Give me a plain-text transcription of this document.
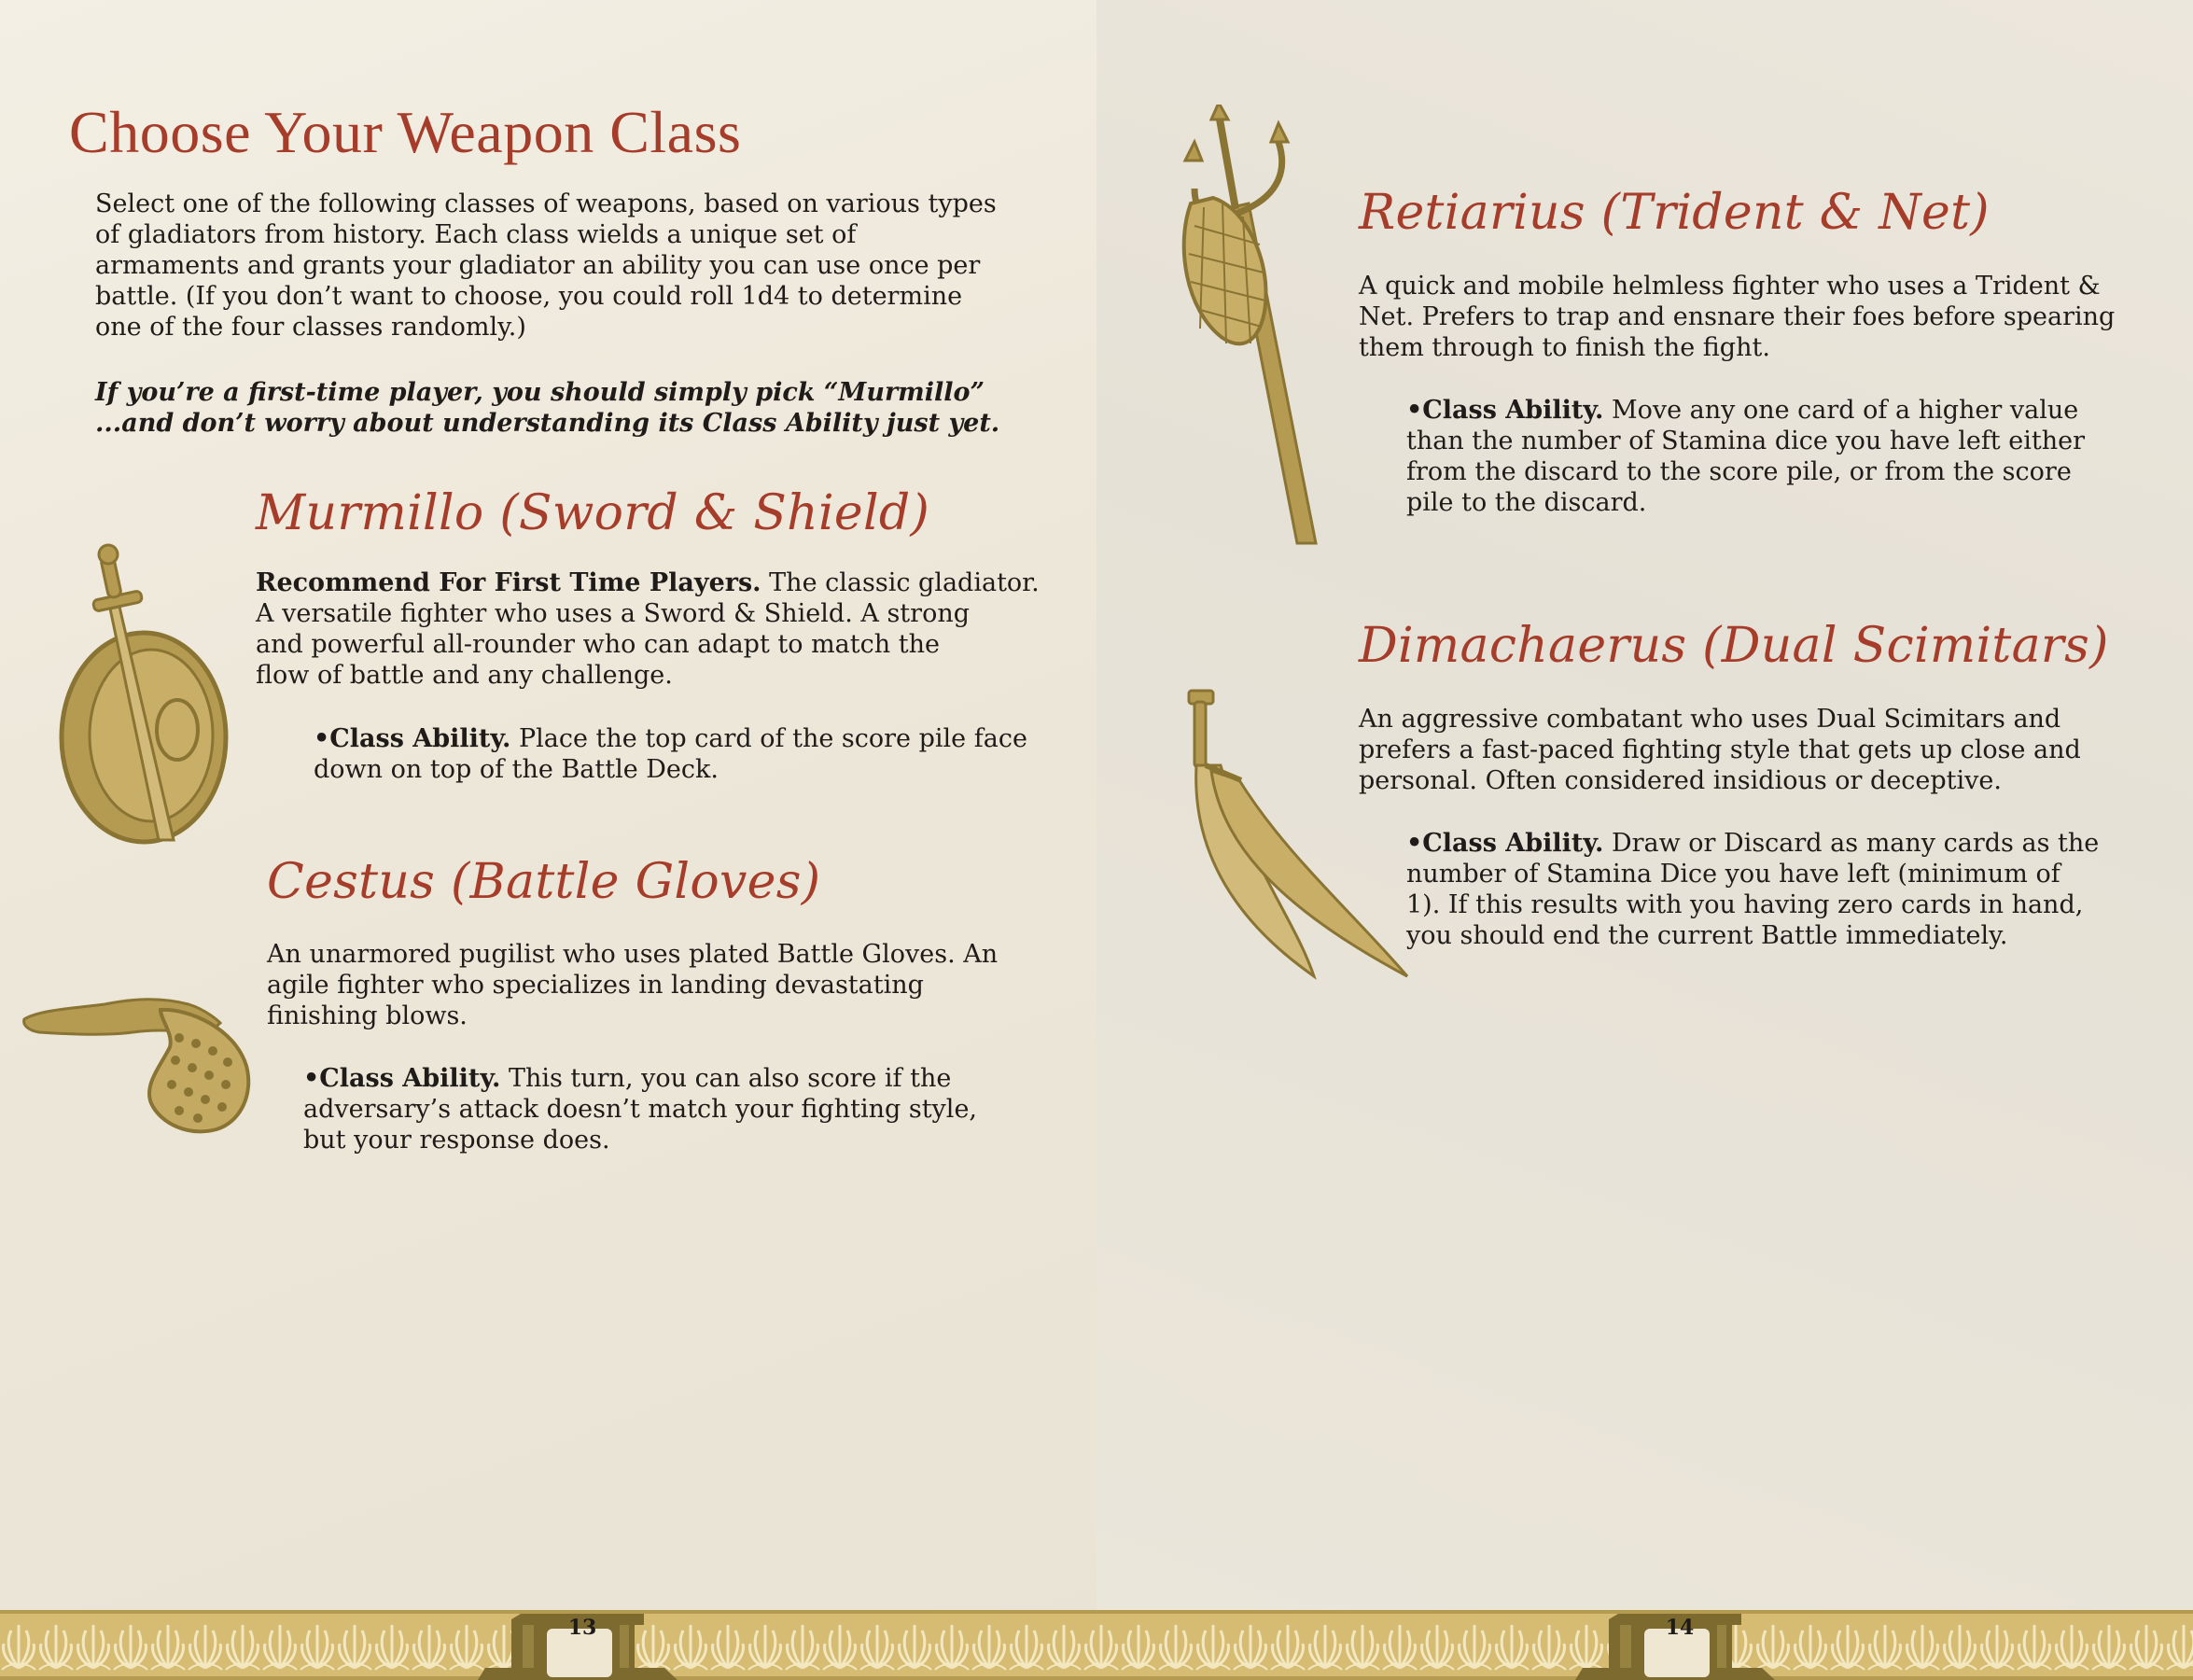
Choose Your Weapon Class
Select one of the following classes of weapons, based on various types
of gladiators from history. Each class wields a unique set of
armaments and grants your gladiator an ability you can use once per
battle. (If you don’t want to choose, you could roll 1d4 to determine
one of the four classes randomly.)
If you’re a first-time player, you should simply pick “Murmillo”
...and don’t worry about understanding its Class Ability just yet.
Murmillo (Sword & Shield)
Recommend For First Time Players. The classic gladiator.
A versatile fighter who uses a Sword & Shield. A strong
and powerful all-rounder who can adapt to match the
flow of battle and any challenge.
•Class Ability. Place the top card of the score pile face
down on top of the Battle Deck.
Cestus (Battle Gloves)
An unarmored pugilist who uses plated Battle Gloves. An
agile fighter who specializes in landing devastating
finishing blows.
•Class Ability. This turn, you can also score if the
adversary’s attack doesn’t match your fighting style,
but your response does.
Retiarius (Trident & Net)
A quick and mobile helmless fighter who uses a Trident &
Net. Prefers to trap and ensnare their foes before spearing
them through to finish the fight.
•Class Ability. Move any one card of a higher value
than the number of Stamina dice you have left either
from the discard to the score pile, or from the score
pile to the discard.
Dimachaerus (Dual Scimitars)
An aggressive combatant who uses Dual Scimitars and
prefers a fast-paced fighting style that gets up close and
personal. Often considered insidious or deceptive.
•Class Ability. Draw or Discard as many cards as the
number of Stamina Dice you have left (minimum of
1). If this results with you having zero cards in hand,
you should end the current Battle immediately.
13	14
